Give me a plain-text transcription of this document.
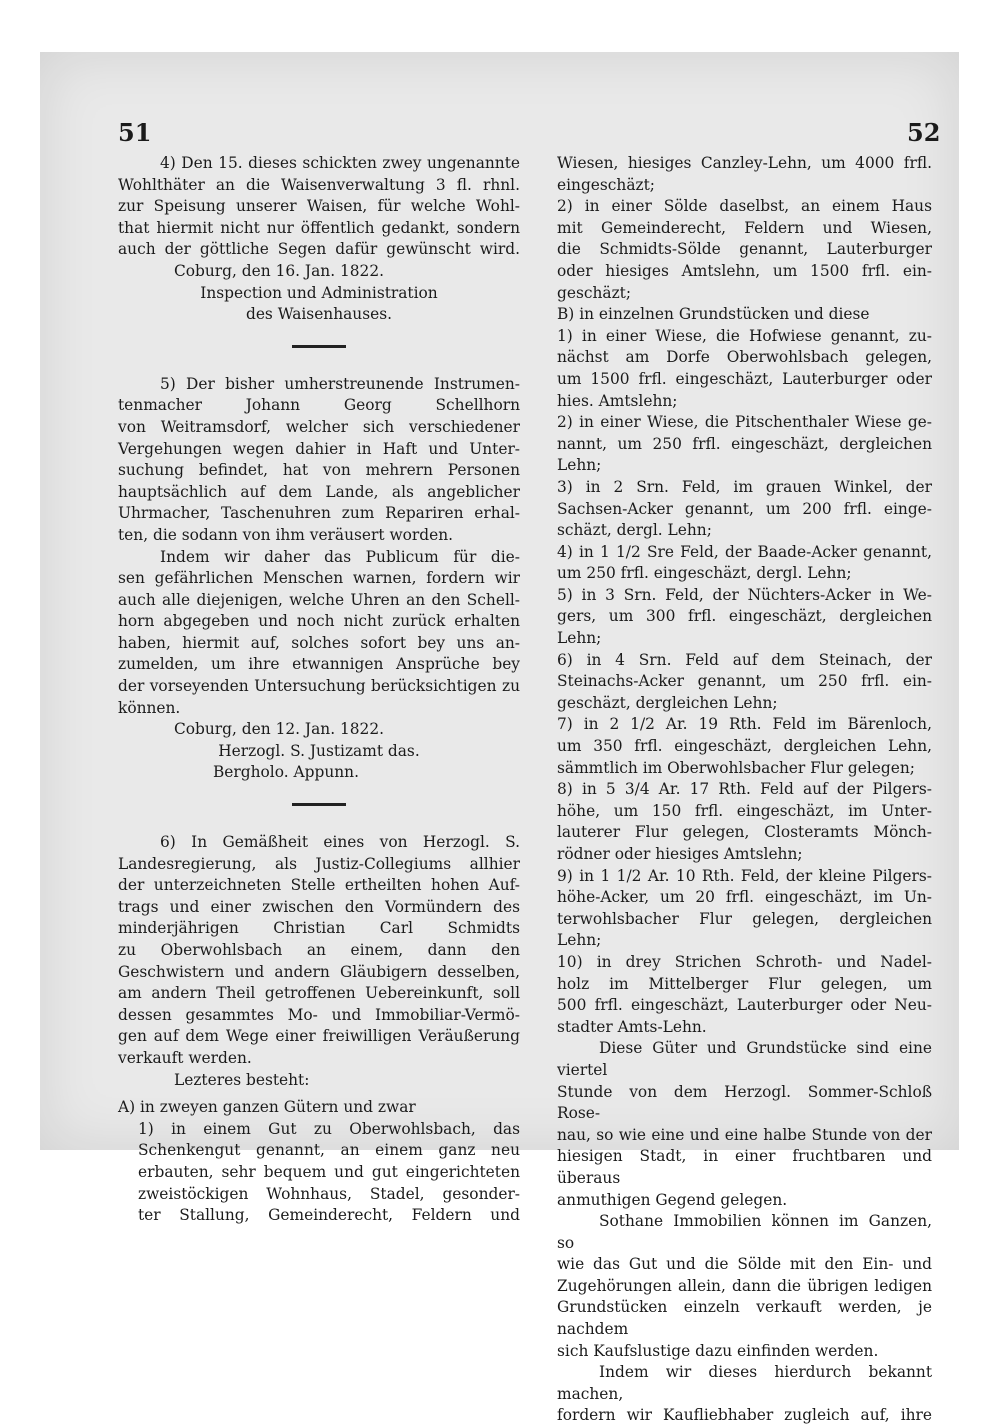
51	52

4) Den 15. dieses schickten zwey ungenannte

Wohlthäter an die Waisenverwaltung 3 fl. rhnl.

zur Speisung unserer Waisen, für welche Wohl-

that hiermit nicht nur öffentlich gedankt, sondern

auch der göttliche Segen dafür gewünscht wird.

Coburg, den 16. Jan. 1822.

Inspection und Administration

des Waisenhauses.

5) Der bisher umherstreunende Instrumen-

tenmacher Johann Georg Schellhorn

von Weitramsdorf, welcher sich verschiedener

Vergehungen wegen dahier in Haft und Unter-

suchung befindet, hat von mehrern Personen

hauptsächlich auf dem Lande, als angeblicher

Uhrmacher, Taschenuhren zum Repariren erhal-

ten, die sodann von ihm veräusert worden.

Indem wir daher das Publicum für die-

sen gefährlichen Menschen warnen, fordern wir

auch alle diejenigen, welche Uhren an den Schell-

horn abgegeben und noch nicht zurück erhalten

haben, hiermit auf, solches sofort bey uns an-

zumelden, um ihre etwannigen Ansprüche bey

der vorseyenden Untersuchung berücksichtigen zu

können.

Coburg, den 12. Jan. 1822.

Herzogl. S. Justizamt das.

Bergholo. Appunn.

6) In Gemäßheit eines von Herzogl. S.

Landesregierung, als Justiz-Collegiums allhier

der unterzeichneten Stelle ertheilten hohen Auf-

trags und einer zwischen den Vormündern des

minderjährigen Christian Carl Schmidts

zu Oberwohlsbach an einem, dann den

Geschwistern und andern Gläubigern desselben,

am andern Theil getroffenen Uebereinkunft, soll

dessen gesammtes Mo- und Immobiliar-Vermö-

gen auf dem Wege einer freiwilligen Veräußerung

verkauft werden.

Lezteres besteht:

A) in zweyen ganzen Gütern und zwar

1) in einem Gut zu Oberwohlsbach, das

Schenkengut genannt, an einem ganz neu

erbauten, sehr bequem und gut eingerichteten

zweistöckigen Wohnhaus, Stadel, gesonder-

ter Stallung, Gemeinderecht, Feldern und

Wiesen, hiesiges Canzley-Lehn, um 4000 frfl.

eingeschäzt;

2) in einer Sölde daselbst, an einem Haus

mit Gemeinderecht, Feldern und Wiesen,

die Schmidts-Sölde genannt, Lauterburger

oder hiesiges Amtslehn, um 1500 frfl. ein-

geschäzt;

B) in einzelnen Grundstücken und diese

1) in einer Wiese, die Hofwiese genannt, zu-

nächst am Dorfe Oberwohlsbach gelegen,

um 1500 frfl. eingeschäzt, Lauterburger oder

hies. Amtslehn;

2) in einer Wiese, die Pitschenthaler Wiese ge-

nannt, um 250 frfl. eingeschäzt, dergleichen

Lehn;

3) in 2 Srn. Feld, im grauen Winkel, der

Sachsen-Acker genannt, um 200 frfl. einge-

schäzt, dergl. Lehn;

4) in 1 1/2 Sre Feld, der Baade-Acker genannt,

um 250 frfl. eingeschäzt, dergl. Lehn;

5) in 3 Srn. Feld, der Nüchters-Acker in We-

gers, um 300 frfl. eingeschäzt, dergleichen

Lehn;

6) in 4 Srn. Feld auf dem Steinach, der

Steinachs-Acker genannt, um 250 frfl. ein-

geschäzt, dergleichen Lehn;

7) in 2 1/2 Ar. 19 Rth. Feld im Bärenloch,

um 350 frfl. eingeschäzt, dergleichen Lehn,

sämmtlich im Oberwohlsbacher Flur gelegen;

8) in 5 3/4 Ar. 17 Rth. Feld auf der Pilgers-

höhe, um 150 frfl. eingeschäzt, im Unter-

lauterer Flur gelegen, Closteramts Mönch-

rödner oder hiesiges Amtslehn;

9) in 1 1/2 Ar. 10 Rth. Feld, der kleine Pilgers-

höhe-Acker, um 20 frfl. eingeschäzt, im Un-

terwohlsbacher Flur gelegen, dergleichen

Lehn;

10) in drey Strichen Schroth- und Nadel-

holz im Mittelberger Flur gelegen, um

500 frfl. eingeschäzt, Lauterburger oder Neu-

stadter Amts-Lehn.

Diese Güter und Grundstücke sind eine viertel

Stunde von dem Herzogl. Sommer-Schloß Rose-

nau, so wie eine und eine halbe Stunde von der

hiesigen Stadt, in einer fruchtbaren und überaus

anmuthigen Gegend gelegen.

Sothane Immobilien können im Ganzen, so

wie das Gut und die Sölde mit den Ein- und

Zugehörungen allein, dann die übrigen ledigen

Grundstücken einzeln verkauft werden, je nachdem

sich Kaufslustige dazu einfinden werden.

Indem wir dieses hierdurch bekannt machen,

fordern wir Kaufliebhaber zugleich auf, ihre
